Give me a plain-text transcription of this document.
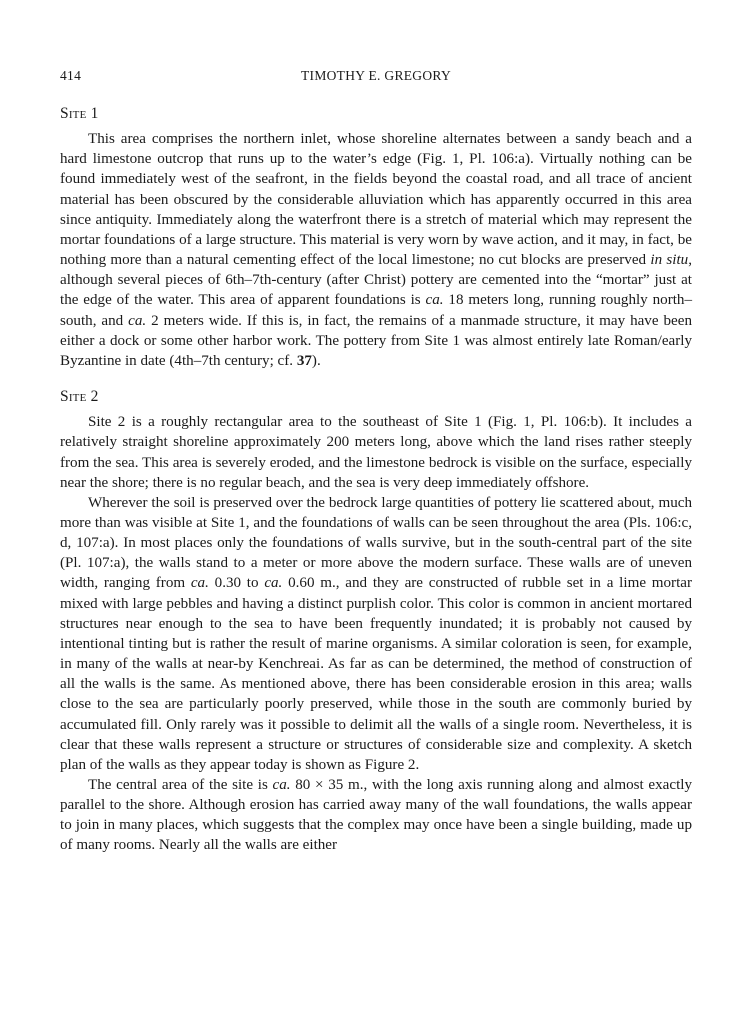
414	TIMOTHY E. GREGORY
Site 1

This area comprises the northern inlet, whose shoreline alternates between a sandy beach and a hard limestone outcrop that runs up to the water’s edge (Fig. 1, Pl. 106:a). Virtually nothing can be found immediately west of the seafront, in the fields beyond the coastal road, and all trace of ancient material has been obscured by the considerable alluviation which has apparently occurred in this area since antiquity. Immediately along the waterfront there is a stretch of material which may represent the mortar foundations of a large structure. This material is very worn by wave action, and it may, in fact, be nothing more than a natural cementing effect of the local limestone; no cut blocks are preserved in situ, although several pieces of 6th–7th-century (after Christ) pottery are cemented into the “mortar” just at the edge of the water. This area of apparent foundations is ca. 18 meters long, running roughly north–south, and ca. 2 meters wide. If this is, in fact, the remains of a manmade structure, it may have been either a dock or some other harbor work. The pottery from Site 1 was almost entirely late Roman/early Byzantine in date (4th–7th century; cf. 37).

Site 2

Site 2 is a roughly rectangular area to the southeast of Site 1 (Fig. 1, Pl. 106:b). It includes a relatively straight shoreline approximately 200 meters long, above which the land rises rather steeply from the sea. This area is severely eroded, and the limestone bedrock is visible on the surface, especially near the shore; there is no regular beach, and the sea is very deep immediately offshore.

Wherever the soil is preserved over the bedrock large quantities of pottery lie scattered about, much more than was visible at Site 1, and the foundations of walls can be seen throughout the area (Pls. 106:c, d, 107:a). In most places only the foundations of walls survive, but in the south-central part of the site (Pl. 107:a), the walls stand to a meter or more above the modern surface. These walls are of uneven width, ranging from ca. 0.30 to ca. 0.60 m., and they are constructed of rubble set in a lime mortar mixed with large pebbles and having a distinct purplish color. This color is common in ancient mortared structures near enough to the sea to have been frequently inundated; it is probably not caused by intentional tinting but is rather the result of marine organisms. A similar coloration is seen, for example, in many of the walls at near-by Kenchreai. As far as can be determined, the method of construction of all the walls is the same. As mentioned above, there has been considerable erosion in this area; walls close to the sea are particularly poorly preserved, while those in the south are commonly buried by accumulated fill. Only rarely was it possible to delimit all the walls of a single room. Nevertheless, it is clear that these walls represent a structure or structures of considerable size and complexity. A sketch plan of the walls as they appear today is shown as Figure 2.

The central area of the site is ca. 80 × 35 m., with the long axis running along and almost exactly parallel to the shore. Although erosion has carried away many of the wall foundations, the walls appear to join in many places, which suggests that the complex may once have been a single building, made up of many rooms. Nearly all the walls are either
